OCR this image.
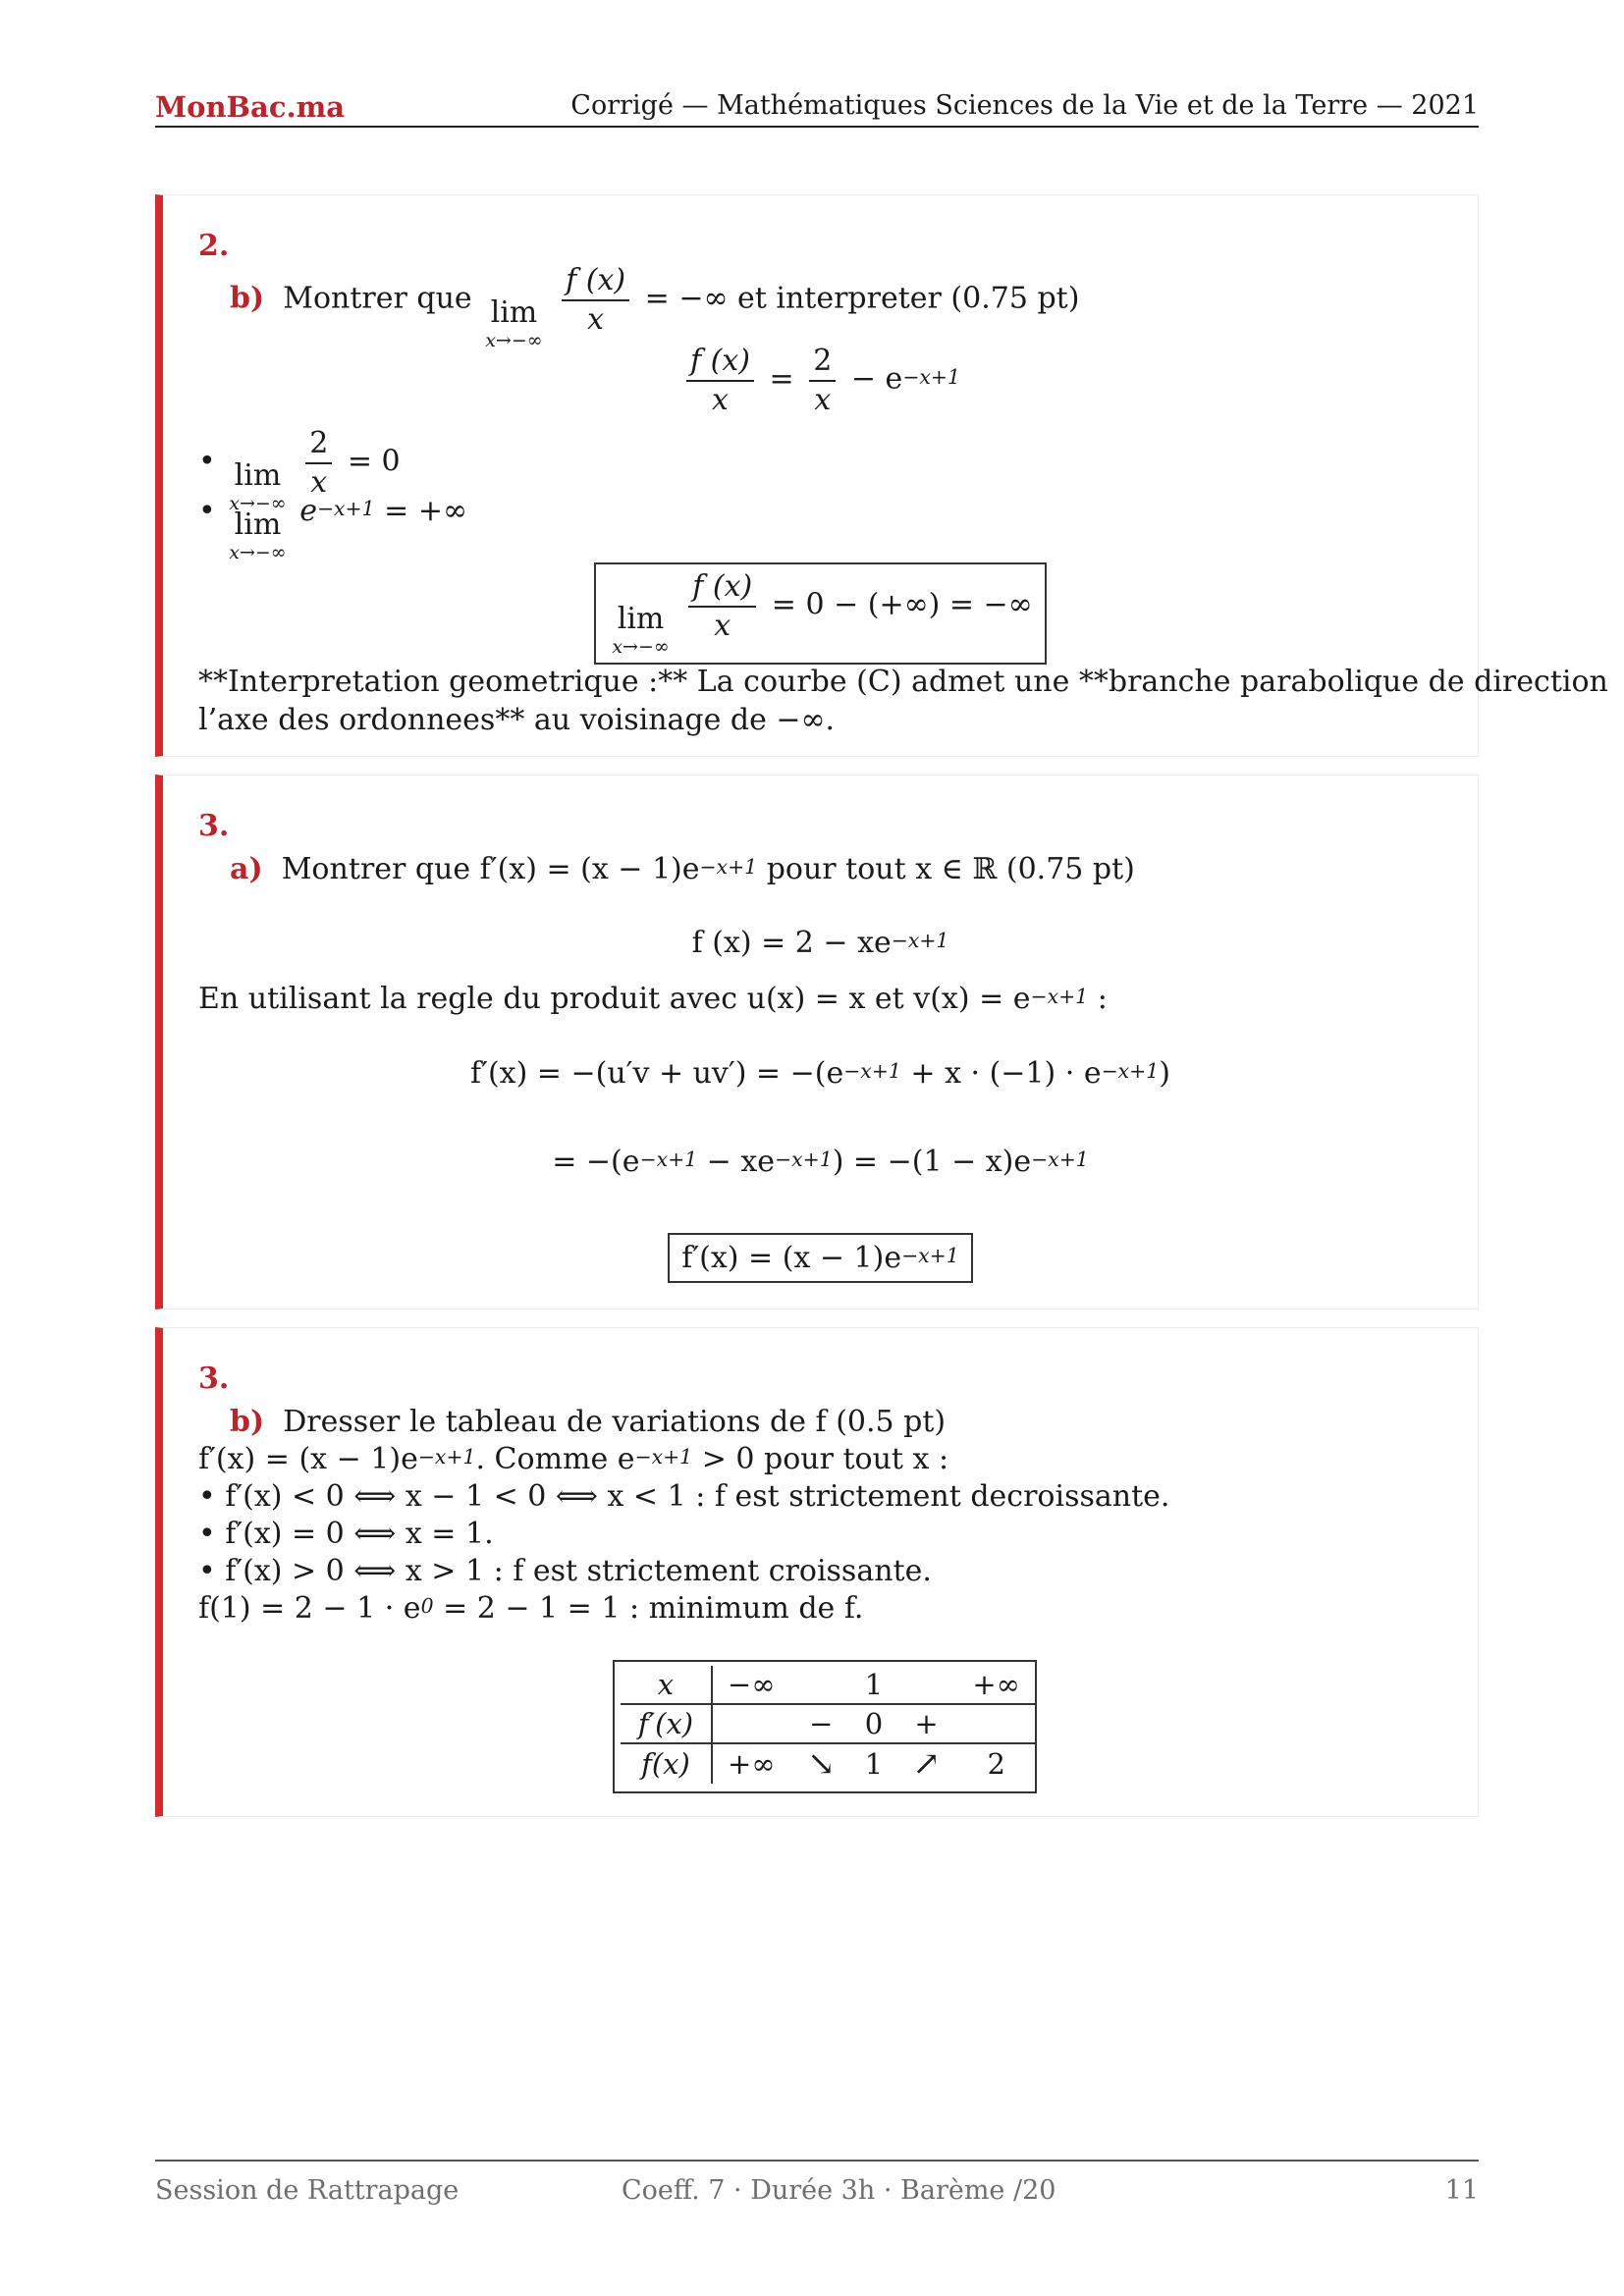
MonBac.ma	Corrigé — Mathématiques Sciences de la Vie et de la Terre — 2021
2.
b) Montrer que lim
x→−∞

$\frac{f (x)}{x}$ = −∞ et interpreter (0.75 pt)
$\frac{f (x)}{x} = \frac{2}{x} - e^{-x+1}$
• lim
x→−∞

$\frac{2}{x} = 0$
• lim
x→−∞
$e^{-x+1}$ = +∞
lim
x→−∞

$\frac{f (x)}{x} = 0$ − (+∞) = −∞
**Interpretation geometrique :** La courbe (C) admet une **branche parabolique de direction
l’axe des ordonnees** au voisinage de −∞.
3.
a) Montrer que $f'(x) = (x - 1)e^{-x+1}$ pour tout x ∈ ℝ (0.75 pt)
f $(x) = 2 - xe^{-x+1}$
En utilisant la regle du produit avec u(x) = x et $v(x) = e^{-x+1}$ :
$f'(x) = -(u'v + uv') = -(e^{-x+1} + x \cdot (-1) \cdot e^{-x+1})$
= $-(e^{-x+1} - xe^{-x+1}) = -(1 - x)e^{-x+1}$
$f'(x) = (x - 1)e^{-x+1}$
3.
b) Dresser le tableau de variations de f (0.5 pt)
$f'(x) = (x - 1)e^{-x+1}$. Comme $e^{-x+1} > 0$ pour tout x :
• f′(x) < 0 ⟺ x − 1 < 0 ⟺ x < 1 : f est strictement decroissante.
• f′(x) = 0 ⟺ x = 1.
• f′(x) > 0 ⟺ x > 1 : f est strictement croissante.
$f(1) = 2 - 1 \cdot e^0 = 2 - 1 = 1$ : minimum de f.
x	−∞		1		+∞
f′(x)		−	0	+	
f(x)	+∞	↘	1	↗	2
Session de Rattrapage	Coeff. 7 · Durée 3h · Barème /20	11
